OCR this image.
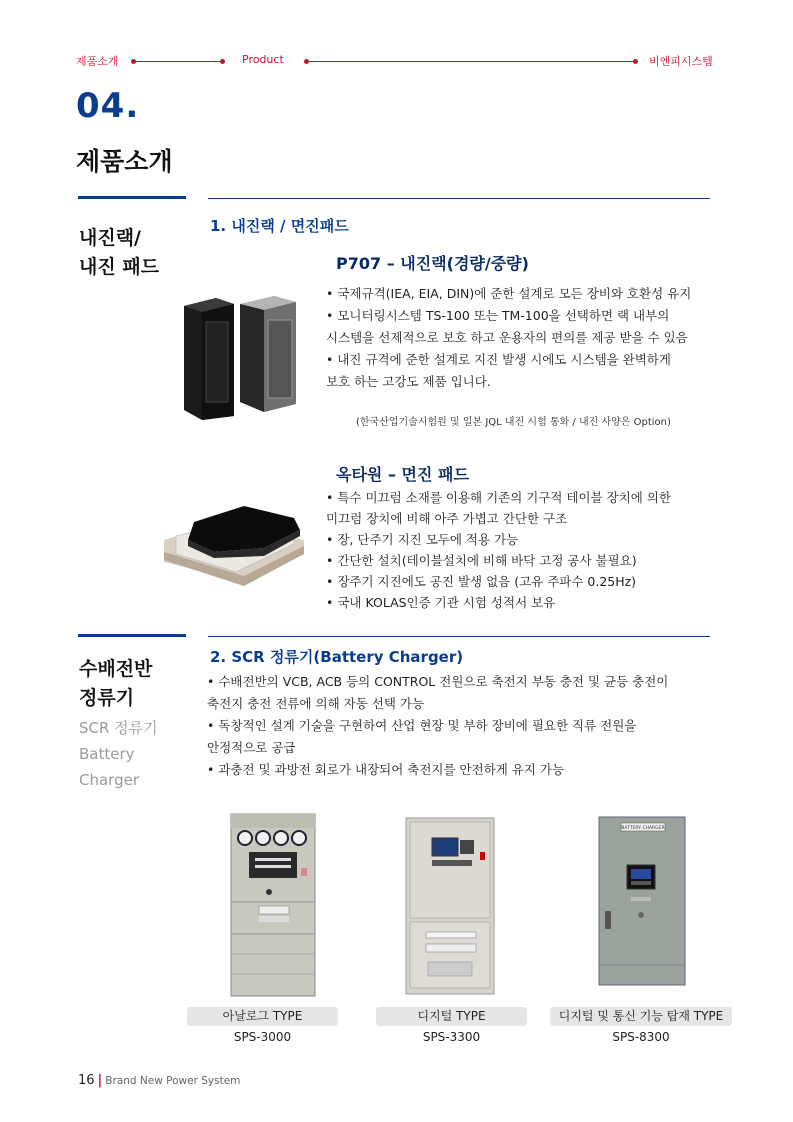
제품소개	Product	비엔피시스템
04.
제품소개
내진랙/
내진 패드
1. 내진랙 / 면진패드
P707 – 내진랙(경량/중량)
• 국제규격(IEA, EIA, DIN)에 준한 설계로 모든 장비와 호환성 유지
• 모니터링시스템 TS-100 또는 TM-100을 선택하면 랙 내부의
시스템을 선제적으로 보호 하고 운용자의 편의를 제공 받을 수 있음
• 내진 규격에 준한 설계로 지진 발생 시에도 시스템을 완벽하게
보호 하는 고강도 제품 입니다.
(한국산업기술시험원 및 일본 JQL 내진 시험 통화 / 내진 사양은 Option)
옥타원 – 면진 패드
• 특수 미끄럼 소재를 이용해 기존의 기구적 테이블 장치에 의한
미끄럼 장치에 비해 아주 가볍고 간단한 구조
• 장, 단주기 지진 모두에 적용 가능
• 간단한 설치(테이블설치에 비해 바닥 고정 공사 불필요)
• 장주기 지진에도 공진 발생 없음 (고유 주파수 0.25Hz)
• 국내 KOLAS인증 기관 시험 성적서 보유
수배전반
정류기
SCR 정류기
Battery
Charger
2. SCR 정류기(Battery Charger)
• 수배전반의 VCB, ACB 등의 CONTROL 전원으로 축전지 부동 충전 및 균등 충전이
축전지 충전 전류에 의해 자동 선택 가능
• 독창적인 설계 기술을 구현하여 산업 현장 및 부하 장비에 필요한 직류 전원을
안정적으로 공급
• 과충전 및 과방전 회로가 내장되어 축전지를 안전하게 유지 가능
BATTERY CHARGER
아날로그 TYPE	디지털 TYPE	디지털 및 통신 기능 탑재 TYPE
SPS-3000	SPS-3300	SPS-8300
16 | Brand New Power System
